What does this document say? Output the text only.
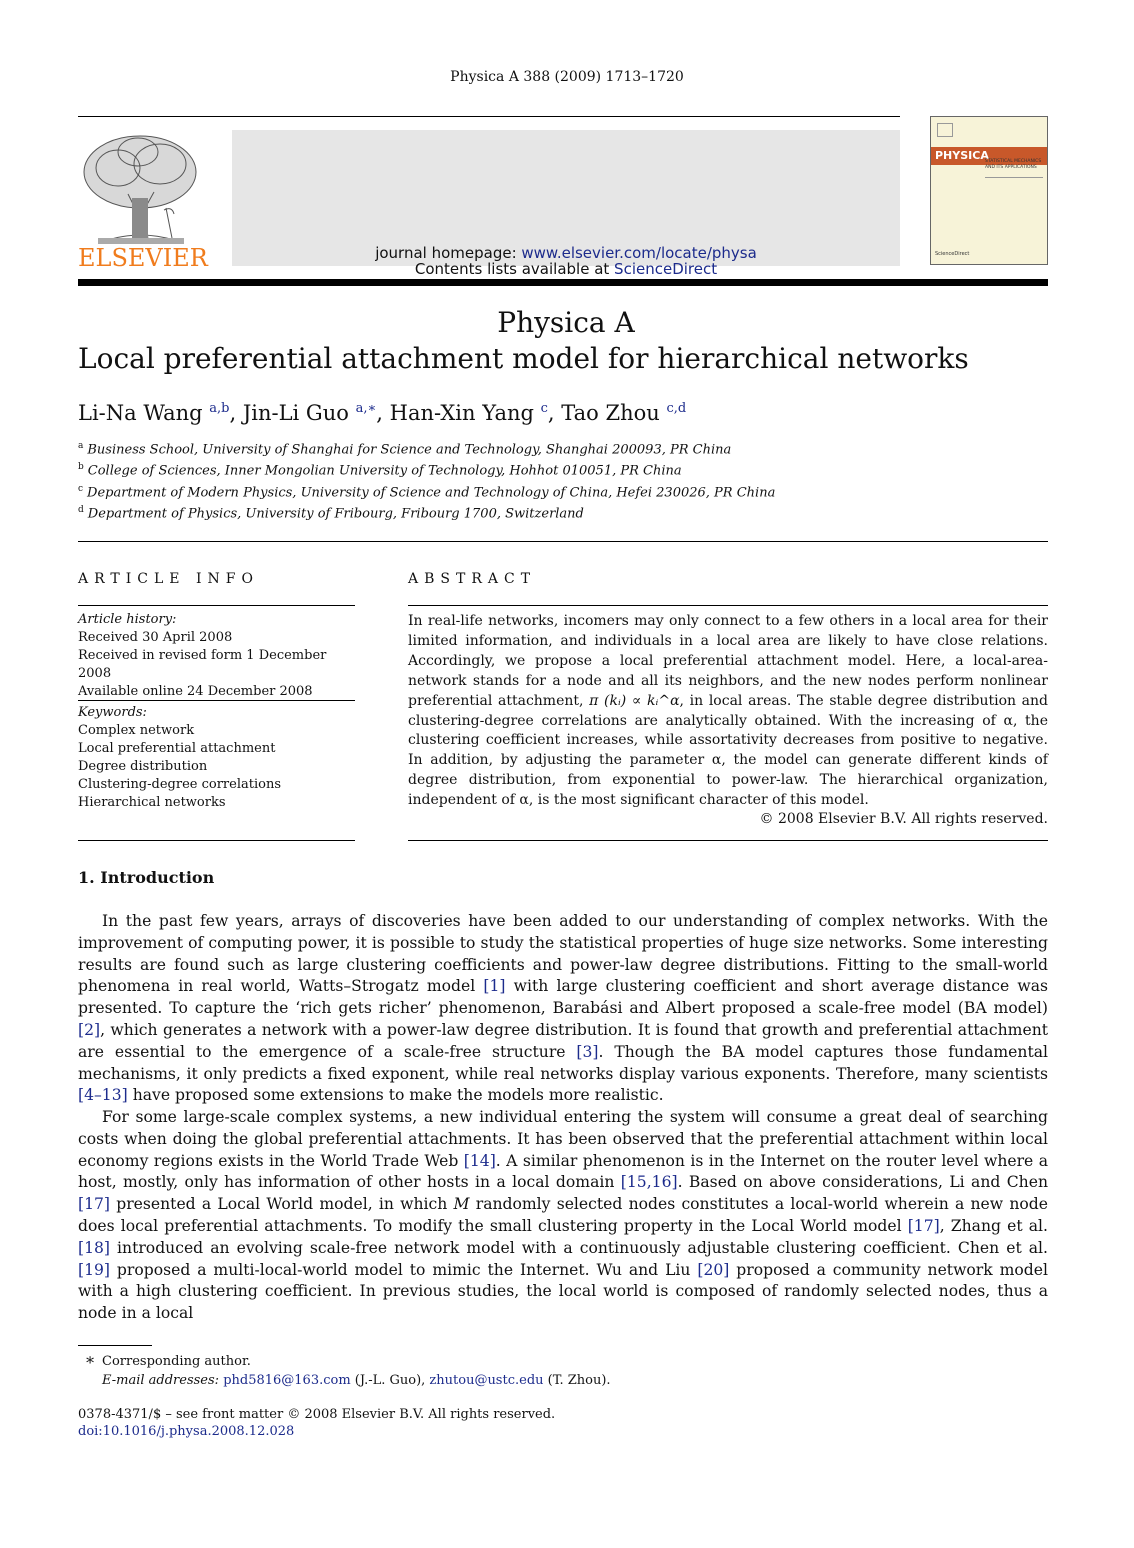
Physica A 388 (2009) 1713–1720
ELSEVIER	Contents lists available at ScienceDirect
Physica A
journal homepage: www.elsevier.com/locate/physa
PHYSICA
STATISTICAL MECHANICS AND ITS APPLICATIONS
ScienceDirect
Local preferential attachment model for hierarchical networks
Li-Na Wang $^{a,b}$, Jin-Li Guo $^{a,∗}$, Han-Xin Yang $^c$, Tao Zhou $^{c,d}$
$^a$ Business School, University of Shanghai for Science and Technology, Shanghai 200093, PR China
$^b$ College of Sciences, Inner Mongolian University of Technology, Hohhot 010051, PR China
$^c$ Department of Modern Physics, University of Science and Technology of China, Hefei 230026, PR China
$^d$ Department of Physics, University of Fribourg, Fribourg 1700, Switzerland
ARTICLE INFO
Article history:
Received 30 April 2008
Received in revised form 1 December 2008
Available online 24 December 2008
Keywords:
Complex network
Local preferential attachment
Degree distribution
Clustering-degree correlations
Hierarchical networks
ABSTRACT
In real-life networks, incomers may only connect to a few others in a local area for their limited information, and individuals in a local area are likely to have close relations. Accordingly, we propose a local preferential attachment model. Here, a local-area-network stands for a node and all its neighbors, and the new nodes perform nonlinear preferential attachment, π (kᵢ) ∝ kᵢ^α, in local areas. The stable degree distribution and clustering-degree correlations are analytically obtained. With the increasing of α, the clustering coefficient increases, while assortativity decreases from positive to negative. In addition, by adjusting the parameter α, the model can generate different kinds of degree distribution, from exponential to power-law. The hierarchical organization, independent of α, is the most significant character of this model.
© 2008 Elsevier B.V. All rights reserved.
1. Introduction
In the past few years, arrays of discoveries have been added to our understanding of complex networks. With the improvement of computing power, it is possible to study the statistical properties of huge size networks. Some interesting results are found such as large clustering coefficients and power-law degree distributions. Fitting to the small-world phenomena in real world, Watts–Strogatz model [1] with large clustering coefficient and short average distance was presented. To capture the ‘rich gets richer’ phenomenon, Barabási and Albert proposed a scale-free model (BA model) [2], which generates a network with a power-law degree distribution. It is found that growth and preferential attachment are essential to the emergence of a scale-free structure [3]. Though the BA model captures those fundamental mechanisms, it only predicts a fixed exponent, while real networks display various exponents. Therefore, many scientists [4–13] have proposed some extensions to make the models more realistic.
For some large-scale complex systems, a new individual entering the system will consume a great deal of searching costs when doing the global preferential attachments. It has been observed that the preferential attachment within local economy regions exists in the World Trade Web [14]. A similar phenomenon is in the Internet on the router level where a host, mostly, only has information of other hosts in a local domain [15,16]. Based on above considerations, Li and Chen [17] presented a Local World model, in which M randomly selected nodes constitutes a local-world wherein a new node does local preferential attachments. To modify the small clustering property in the Local World model [17], Zhang et al. [18] introduced an evolving scale-free network model with a continuously adjustable clustering coefficient. Chen et al. [19] proposed a multi-local-world model to mimic the Internet. Wu and Liu [20] proposed a community network model with a high clustering coefficient. In previous studies, the local world is composed of randomly selected nodes, thus a node in a local
∗ Corresponding author.
E-mail addresses: phd5816@163.com (J.-L. Guo), zhutou@ustc.edu (T. Zhou).
0378-4371/$ – see front matter © 2008 Elsevier B.V. All rights reserved.
doi:10.1016/j.physa.2008.12.028
